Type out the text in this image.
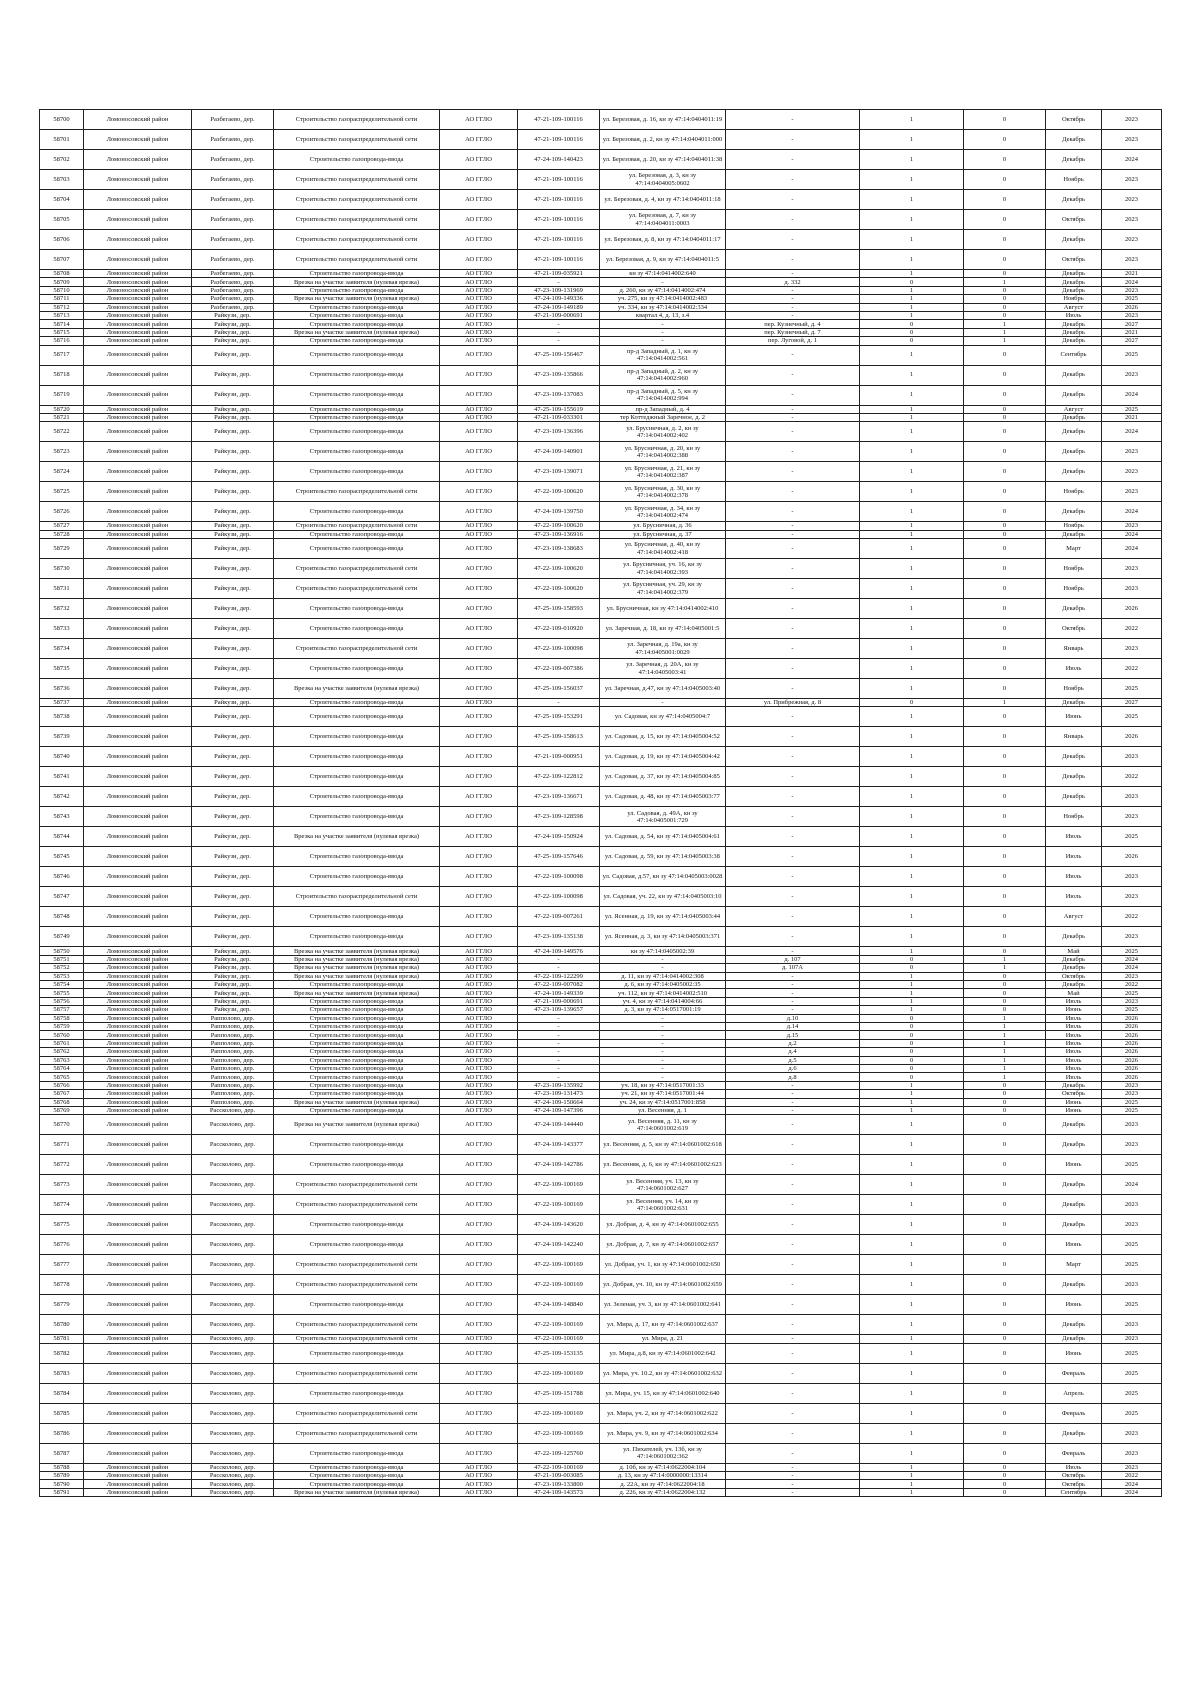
58700	Ломоносовский район	Разбегаево, дер.	Строительство газораспределительной сети	АО ГГЛО	47-21-109-100116	ул. Березовая, д. 16, кн зу 47:14:0404011:19	-	1	0	Октябрь	2023
58701	Ломоносовский район	Разбегаево, дер.	Строительство газораспределительной сети	АО ГГЛО	47-21-109-100116	ул. Березовая, д. 2, кн зу 47:14:0404011:000	-	1	0	Декабрь	2023
58702	Ломоносовский район	Разбегаево, дер.	Строительство газопровода-ввода	АО ГГЛО	47-24-109-140423	ул. Березовая, д. 20, кн зу 47:14:0404011:38	-	1	0	Декабрь	2024
58703	Ломоносовский район	Разбегаево, дер.	Строительство газораспределительной сети	АО ГГЛО	47-21-109-100116	ул. Березовая, д. 3, кн зу 47:14:0404005:0602	-	1	0	Ноябрь	2023
58704	Ломоносовский район	Разбегаево, дер.	Строительство газораспределительной сети	АО ГГЛО	47-21-109-100116	ул. Березовая, д. 4, кн зу 47:14:0404011:18	-	1	0	Декабрь	2023
58705	Ломоносовский район	Разбегаево, дер.	Строительство газораспределительной сети	АО ГГЛО	47-21-109-100116	ул. Березовая, д. 7, кн зу 47:14:0404011:0003	-	1	0	Октябрь	2023
58706	Ломоносовский район	Разбегаево, дер.	Строительство газораспределительной сети	АО ГГЛО	47-21-109-100116	ул. Березовая, д. 8, кн зу 47:14:0404011:17	-	1	0	Декабрь	2023
58707	Ломоносовский район	Разбегаево, дер.	Строительство газораспределительной сети	АО ГГЛО	47-21-109-100116	ул. Березовая, д. 9, кн зу 47:14:0404011:5	-	1	0	Октябрь	2023
58708	Ломоносовский район	Разбегаево, дер.	Строительство газопровода-ввода	АО ГГЛО	47-21-109-035921	кн зу 47:14:0414002:640	-	1	0	Декабрь	2021
58709	Ломоносовский район	Разбегаево, дер.	Врезка на участке заявителя (нулевая врезка)	АО ГГЛО	-	-	д. 332	0	1	Декабрь	2024
58710	Ломоносовский район	Разбегаево, дер.	Строительство газопровода-ввода	АО ГГЛО	47-23-109-131969	д. 260, кн зу 47:14:0414002:474	-	1	0	Декабрь	2023
58711	Ломоносовский район	Разбегаево, дер.	Врезка на участке заявителя (нулевая врезка)	АО ГГЛО	47-24-109-149336	уч. 275, кн зу 47:14:0414002:483	-	1	0	Ноябрь	2025
58712	Ломоносовский район	Разбегаево, дер.	Строительство газопровода-ввода	АО ГГЛО	47-24-109-149189	уч. 334, кн зу 47:14:0414002:334	-	1	0	Август	2026
58713	Ломоносовский район	Райкузи, дер.	Строительство газопровода-ввода	АО ГГЛО	47-21-109-000691	квартал 4, д. 13, з.4	-	1	0	Июль	2023
58714	Ломоносовский район	Райкузи, дер.	Строительство газопровода-ввода	АО ГГЛО	-	-	пер. Кузнечный, д. 4	0	1	Декабрь	2027
58715	Ломоносовский район	Райкузи, дер.	Врезка на участке заявителя (нулевая врезка)	АО ГГЛО	-	-	пер. Кузнечный, д. 7	0	1	Декабрь	2021
58716	Ломоносовский район	Райкузи, дер.	Строительство газопровода-ввода	АО ГГЛО	-	-	пер. Луговой, д. 1	0	1	Декабрь	2027
58717	Ломоносовский район	Райкузи, дер.	Строительство газопровода-ввода	АО ГГЛО	47-25-109-156467	пр-д Западный, д. 1, кн зу 47:14:0414002:561	-	1	0	Сентябрь	2025
58718	Ломоносовский район	Райкузи, дер.	Строительство газопровода-ввода	АО ГГЛО	47-23-109-135866	пр-д Западный, д. 2, кн зу 47:14:0414002:960	-	1	0	Декабрь	2023
58719	Ломоносовский район	Райкузи, дер.	Строительство газопровода-ввода	АО ГГЛО	47-23-109-137083	пр-д Западный, д. 5, кн зу 47:14:0414002:994	-	1	0	Декабрь	2024
58720	Ломоносовский район	Райкузи, дер.	Строительство газопровода-ввода	АО ГГЛО	47-25-109-155619	пр-д Западный, д. 4	-	1	0	Август	2025
58721	Ломоносовский район	Райкузи, дер.	Строительство газопровода-ввода	АО ГГЛО	47-21-109-033301	тер Коттеджный Заречное, д. 2	-	1	0	Декабрь	2021
58722	Ломоносовский район	Райкузи, дер.	Строительство газопровода-ввода	АО ГГЛО	47-23-109-136396	ул. Брусничная, д. 2, кн зу 47:14:0414002:402	-	1	0	Декабрь	2024
58723	Ломоносовский район	Райкузи, дер.	Строительство газопровода-ввода	АО ГГЛО	47-24-109-140901	ул. Брусничная, д. 20, кн зу 47:14:0414002:388	-	1	0	Декабрь	2023
58724	Ломоносовский район	Райкузи, дер.	Строительство газопровода-ввода	АО ГГЛО	47-23-109-139071	ул. Брусничная, д. 21, кн зу 47:14:0414002:387	-	1	0	Декабрь	2023
58725	Ломоносовский район	Райкузи, дер.	Строительство газораспределительной сети	АО ГГЛО	47-22-109-100620	ул. Брусничная, д. 30, кн зу 47:14:0414002:378	-	1	0	Ноябрь	2023
58726	Ломоносовский район	Райкузи, дер.	Строительство газопровода-ввода	АО ГГЛО	47-24-109-139750	ул. Брусничная, д. 34, кн зу 47:14:0414002:474	-	1	0	Декабрь	2024
58727	Ломоносовский район	Райкузи, дер.	Строительство газораспределительной сети	АО ГГЛО	47-22-109-100620	ул. Брусничная, д. 36	-	1	0	Ноябрь	2023
58728	Ломоносовский район	Райкузи, дер.	Строительство газопровода-ввода	АО ГГЛО	47-23-109-136916	ул. Брусничная, д. 37	-	1	0	Декабрь	2024
58729	Ломоносовский район	Райкузи, дер.	Строительство газопровода-ввода	АО ГГЛО	47-23-109-138683	ул. Брусничная, д. 40, кн зу 47:14:0414002:418	-	1	0	Март	2024
58730	Ломоносовский район	Райкузи, дер.	Строительство газораспределительной сети	АО ГГЛО	47-22-109-100620	ул. Брусничная, уч. 16, кн зу 47:14:0414002:393	-	1	0	Ноябрь	2023
58731	Ломоносовский район	Райкузи, дер.	Строительство газораспределительной сети	АО ГГЛО	47-22-109-100620	ул. Брусничная, уч. 29, кн зу 47:14:0414002:379	-	1	0	Ноябрь	2023
58732	Ломоносовский район	Райкузи, дер.	Строительство газопровода-ввода	АО ГГЛО	47-25-109-158593	ул. Брусничная, кн зу 47:14:0414002:410	-	1	0	Декабрь	2026
58733	Ломоносовский район	Райкузи, дер.	Строительство газопровода-ввода	АО ГГЛО	47-22-109-010920	ул. Заречная, д. 18, кн зу 47:14:0405001:5	-	1	0	Октябрь	2022
58734	Ломоносовский район	Райкузи, дер.	Строительство газораспределительной сети	АО ГГЛО	47-22-109-100098	ул. Заречная, д. 19а, кн зу 47:14:0405001:0029	-	1	0	Январь	2023
58735	Ломоносовский район	Райкузи, дер.	Строительство газопровода-ввода	АО ГГЛО	47-22-109-007386	ул. Заречная, д. 20А, кн зу 47:14:0405003:41	-	1	0	Июль	2022
58736	Ломоносовский район	Райкузи, дер.	Врезка на участке заявителя (нулевая врезка)	АО ГГЛО	47-25-109-156037	ул. Заречная, д.47, кн зу 47:14:0405003:40	-	1	0	Ноябрь	2025
58737	Ломоносовский район	Райкузи, дер.	Строительство газопровода-ввода	АО ГГЛО	-	-	ул. Прибрежная, д. 8	0	1	Декабрь	2027
58738	Ломоносовский район	Райкузи, дер.	Строительство газопровода-ввода	АО ГГЛО	47-25-109-153291	ул. Садовая, кн зу 47:14:0405004:7	-	1	0	Июнь	2025
58739	Ломоносовский район	Райкузи, дер.	Строительство газопровода-ввода	АО ГГЛО	47-25-109-158613	ул. Садовая, д. 15, кн зу 47:14:0405004:52	-	1	0	Январь	2026
58740	Ломоносовский район	Райкузи, дер.	Строительство газопровода-ввода	АО ГГЛО	47-21-109-000951	ул. Садовая, д. 19, кн зу 47:14:0405004:42	-	1	0	Декабрь	2023
58741	Ломоносовский район	Райкузи, дер.	Строительство газопровода-ввода	АО ГГЛО	47-22-109-122812	ул. Садовая, д. 37, кн зу 47:14:0405004:85	-	1	0	Декабрь	2022
58742	Ломоносовский район	Райкузи, дер.	Строительство газопровода-ввода	АО ГГЛО	47-23-109-136671	ул. Садовая, д. 48, кн зу 47:14:0405003:77	-	1	0	Декабрь	2023
58743	Ломоносовский район	Райкузи, дер.	Строительство газопровода-ввода	АО ГГЛО	47-23-109-128598	ул. Садовая, д. 49А, кн зу 47:14:0405001:729	-	1	0	Ноябрь	2023
58744	Ломоносовский район	Райкузи, дер.	Врезка на участке заявителя (нулевая врезка)	АО ГГЛО	47-24-109-150924	ул. Садовая, д. 54, кн зу 47:14:0405004:61	-	1	0	Июль	2025
58745	Ломоносовский район	Райкузи, дер.	Строительство газопровода-ввода	АО ГГЛО	47-25-109-157646	ул. Садовая, д. 59, кн зу 47:14:0405003:38	-	1	0	Июль	2026
58746	Ломоносовский район	Райкузи, дер.	Строительство газопровода-ввода	АО ГГЛО	47-22-109-100098	ул. Садовая, д.57, кн зу 47:14:0405003:0028	-	1	0	Июль	2023
58747	Ломоносовский район	Райкузи, дер.	Строительство газораспределительной сети	АО ГГЛО	47-22-109-100098	ул. Садовая, уч. 22, кн зу 47:14:0405003:10	-	1	0	Июль	2023
58748	Ломоносовский район	Райкузи, дер.	Строительство газопровода-ввода	АО ГГЛО	47-22-109-007261	ул. Ясенная, д. 19, кн зу 47:14:0405003:44	-	1	0	Август	2022
58749	Ломоносовский район	Райкузи, дер.	Строительство газопровода-ввода	АО ГГЛО	47-23-109-135138	ул. Ясенная, д. 3, кн зу 47:14:0405003:371	-	1	0	Декабрь	2023
58750	Ломоносовский район	Райкузи, дер.	Врезка на участке заявителя (нулевая врезка)	АО ГГЛО	47-24-109-149576	кн зу 47:14:0405002:39	-	1	0	Май	2025
58751	Ломоносовский район	Райкузи, дер.	Врезка на участке заявителя (нулевая врезка)	АО ГГЛО	-	-	д. 107	0	1	Декабрь	2024
58752	Ломоносовский район	Райкузи, дер.	Врезка на участке заявителя (нулевая врезка)	АО ГГЛО	-	-	д. 107А	0	1	Декабрь	2024
58753	Ломоносовский район	Райкузи, дер.	Врезка на участке заявителя (нулевая врезка)	АО ГГЛО	47-22-109-122299	д. 11, кн зу 47:14:0414002:308	-	1	0	Октябрь	2023
58754	Ломоносовский район	Райкузи, дер.	Строительство газопровода-ввода	АО ГГЛО	47-22-109-007082	д. 6, кн зу 47:14:0405002:35	-	1	0	Декабрь	2022
58755	Ломоносовский район	Райкузи, дер.	Врезка на участке заявителя (нулевая врезка)	АО ГГЛО	47-24-109-149339	уч. 112, кн зу 47:14:0414002:510	-	1	0	Май	2025
58756	Ломоносовский район	Райкузи, дер.	Строительство газопровода-ввода	АО ГГЛО	47-21-109-000691	уч. 4, кн зу 47:14:0414004:66	-	1	0	Июль	2023
58757	Ломоносовский район	Райкузи, дер.	Строительство газопровода-ввода	АО ГГЛО	47-23-109-139657	д. 3, кн зу 47:14:0517001:19	-	1	0	Июнь	2025
58758	Ломоносовский район	Рапполово, дер.	Строительство газопровода-ввода	АО ГГЛО	-	-	д.10	0	1	Июль	2026
58759	Ломоносовский район	Рапполово, дер.	Строительство газопровода-ввода	АО ГГЛО	-	-	д.14	0	1	Июль	2026
58760	Ломоносовский район	Рапполово, дер.	Строительство газопровода-ввода	АО ГГЛО	-	-	д.15	0	1	Июль	2026
58761	Ломоносовский район	Рапполово, дер.	Строительство газопровода-ввода	АО ГГЛО	-	-	д.2	0	1	Июль	2026
58762	Ломоносовский район	Рапполово, дер.	Строительство газопровода-ввода	АО ГГЛО	-	-	д.4	0	1	Июль	2026
58763	Ломоносовский район	Рапполово, дер.	Строительство газопровода-ввода	АО ГГЛО	-	-	д.5	0	1	Июль	2026
58764	Ломоносовский район	Рапполово, дер.	Строительство газопровода-ввода	АО ГГЛО	-	-	д.6	0	1	Июль	2026
58765	Ломоносовский район	Рапполово, дер.	Строительство газопровода-ввода	АО ГГЛО	-	-	д.8	0	1	Июль	2026
58766	Ломоносовский район	Рапполово, дер.	Строительство газопровода-ввода	АО ГГЛО	47-23-109-135992	уч. 18, кн зу 47:14:0517001:33	-	1	0	Декабрь	2023
58767	Ломоносовский район	Рапполово, дер.	Строительство газопровода-ввода	АО ГГЛО	47-23-109-131473	уч. 21, кн зу 47:14:0517001:44	-	1	0	Октябрь	2023
58768	Ломоносовский район	Рапполово, дер.	Врезка на участке заявителя (нулевая врезка)	АО ГГЛО	47-24-109-150664	уч. 24, кн зу 47:14:0517001:858	-	1	0	Июнь	2025
58769	Ломоносовский район	Рассколово, дер.	Строительство газопровода-ввода	АО ГГЛО	47-24-109-147396	ул. Весенняя, д. 1	-	1	0	Июнь	2025
58770	Ломоносовский район	Рассколово, дер.	Врезка на участке заявителя (нулевая врезка)	АО ГГЛО	47-24-109-144440	ул. Весенняя, д. 11, кн зу 47:14:0601002:619	-	1	0	Декабрь	2023
58771	Ломоносовский район	Рассколово, дер.	Строительство газопровода-ввода	АО ГГЛО	47-24-109-143377	ул. Весенняя, д. 5, кн зу 47:14:0601002:618	-	1	0	Декабрь	2023
58772	Ломоносовский район	Рассколово, дер.	Строительство газопровода-ввода	АО ГГЛО	47-24-109-142786	ул. Весенняя, д. 6, кн зу 47:14:0601002:623	-	1	0	Июнь	2025
58773	Ломоносовский район	Рассколово, дер.	Строительство газораспределительной сети	АО ГГЛО	47-22-109-100169	ул. Весенняя, уч. 13, кн зу 47:14:0601002:627	-	1	0	Декабрь	2024
58774	Ломоносовский район	Рассколово, дер.	Строительство газораспределительной сети	АО ГГЛО	47-22-109-100169	ул. Весенняя, уч. 14, кн зу 47:14:0601002:631	-	1	0	Декабрь	2023
58775	Ломоносовский район	Рассколово, дер.	Строительство газопровода-ввода	АО ГГЛО	47-24-109-143620	ул. Добрая, д. 4, кн зу 47:14:0601002:655	-	1	0	Декабрь	2023
58776	Ломоносовский район	Рассколово, дер.	Строительство газопровода-ввода	АО ГГЛО	47-24-109-142240	ул. Добрая, д. 7, кн зу 47:14:0601002:657	-	1	0	Июнь	2025
58777	Ломоносовский район	Рассколово, дер.	Строительство газораспределительной сети	АО ГГЛО	47-22-109-100169	ул. Добрая, уч. 1, кн зу 47:14:0601002:650	-	1	0	Март	2025
58778	Ломоносовский район	Рассколово, дер.	Строительство газораспределительной сети	АО ГГЛО	47-22-109-100169	ул. Добрая, уч. 10, кн зу 47:14:0601002:659	-	1	0	Декабрь	2023
58779	Ломоносовский район	Рассколово, дер.	Строительство газопровода-ввода	АО ГГЛО	47-24-109-148840	ул. Зеленая, уч. 3, кн зу 47:14:0601002:641	-	1	0	Июнь	2025
58780	Ломоносовский район	Рассколово, дер.	Строительство газораспределительной сети	АО ГГЛО	47-22-109-100169	ул. Мира, д. 17, кн зу 47:14:0601002:637	-	1	0	Декабрь	2023
58781	Ломоносовский район	Рассколово, дер.	Строительство газораспределительной сети	АО ГГЛО	47-22-109-100169	ул. Мира, д. 21	-	1	0	Декабрь	2023
58782	Ломоносовский район	Рассколово, дер.	Строительство газопровода-ввода	АО ГГЛО	47-25-109-153135	ул. Мира, д.8, кн зу 47:14:0601002:642	-	1	0	Июнь	2025
58783	Ломоносовский район	Рассколово, дер.	Строительство газораспределительной сети	АО ГГЛО	47-22-109-100169	ул. Мира, уч. 10.2, кн зу 47:14:0601002:632	-	1	0	Февраль	2025
58784	Ломоносовский район	Рассколово, дер.	Строительство газопровода-ввода	АО ГГЛО	47-25-109-151788	ул. Мира, уч. 15, кн зу 47:14:0601002:640	-	1	0	Апрель	2025
58785	Ломоносовский район	Рассколово, дер.	Строительство газораспределительной сети	АО ГГЛО	47-22-109-100169	ул. Мира, уч. 2, кн зу 47:14:0601002:622	-	1	0	Февраль	2025
58786	Ломоносовский район	Рассколово, дер.	Строительство газораспределительной сети	АО ГГЛО	47-22-109-100169	ул. Мира, уч. 9, кн зу 47:14:0601002:634	-	1	0	Декабрь	2023
58787	Ломоносовский район	Рассколово, дер.	Строительство газопровода-ввода	АО ГГЛО	47-22-109-125760	ул. Пихателей, уч. 13б, кн зу 47:14:0601002:362	-	1	0	Февраль	2023
58788	Ломоносовский район	Рассколово, дер.	Строительство газопровода-ввода	АО ГГЛО	47-22-109-100169	д. 10б, кн зу 47:14:0622004:104	-	1	0	Июль	2023
58789	Ломоносовский район	Рассколово, дер.	Строительство газопровода-ввода	АО ГГЛО	47-21-109-003085	д. 13, кн зу 47:14:0000000:13314	-	1	0	Октябрь	2022
58790	Ломоносовский район	Рассколово, дер.	Строительство газопровода-ввода	АО ГГЛО	47-23-109-133800	д. 22А, кн зу 47:14:0622004:18	-	1	0	Октябрь	2024
58791	Ломоносовский район	Рассколово, дер.	Врезка на участке заявителя (нулевая врезка)	АО ГГЛО	47-24-109-143573	д. 226, кн зу 47:14:0622004:132	-	1	0	Сентябрь	2024
